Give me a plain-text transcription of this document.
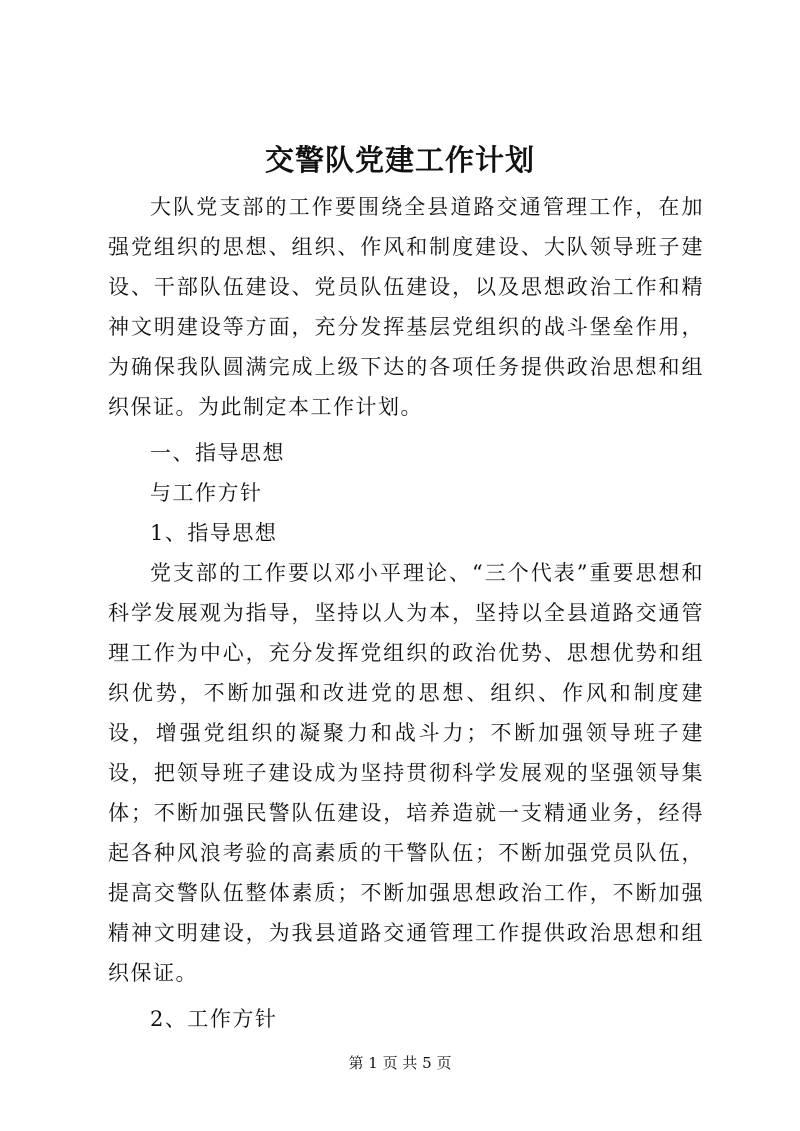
交警队党建工作计划

大队党支部的工作要围绕全县道路交通管理工作，在加强党组织的思想、组织、作风和制度建设、大队领导班子建设、干部队伍建设、党员队伍建设，以及思想政治工作和精神文明建设等方面，充分发挥基层党组织的战斗堡垒作用，为确保我队圆满完成上级下达的各项任务提供政治思想和组织保证。为此制定本工作计划。

一、指导思想

与工作方针

1、指导思想

党支部的工作要以邓小平理论、“三个代表”重要思想和科学发展观为指导，坚持以人为本，坚持以全县道路交通管理工作为中心，充分发挥党组织的政治优势、思想优势和组织优势，不断加强和改进党的思想、组织、作风和制度建设，增强党组织的凝聚力和战斗力；不断加强领导班子建设，把领导班子建设成为坚持贯彻科学发展观的坚强领导集体；不断加强民警队伍建设，培养造就一支精通业务，经得起各种风浪考验的高素质的干警队伍；不断加强党员队伍，提高交警队伍整体素质；不断加强思想政治工作，不断加强精神文明建设，为我县道路交通管理工作提供政治思想和组织保证。

2、工作方针

第 1 页 共 5 页
